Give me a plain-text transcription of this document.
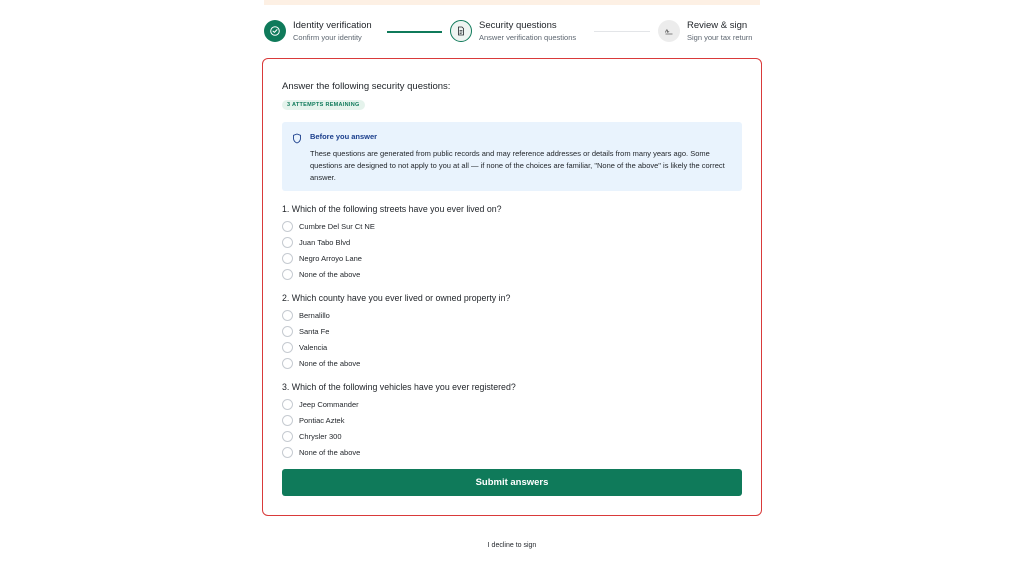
Identity verification
Confirm your identity
Security questions
Answer verification questions
Review & sign
Sign your tax return
Answer the following security questions:
3 ATTEMPTS REMAINING
Before you answer
These questions are generated from public records and may reference addresses or details from many years ago. Some questions are designed to not apply to you at all — if none of the choices are familiar, "None of the above" is likely the correct answer.
1. Which of the following streets have you ever lived on?
Cumbre Del Sur Ct NE
Juan Tabo Blvd
Negro Arroyo Lane
None of the above
2. Which county have you ever lived or owned property in?
Bernalillo
Santa Fe
Valencia
None of the above
3. Which of the following vehicles have you ever registered?
Jeep Commander
Pontiac Aztek
Chrysler 300
None of the above
Submit answers
I decline to sign
